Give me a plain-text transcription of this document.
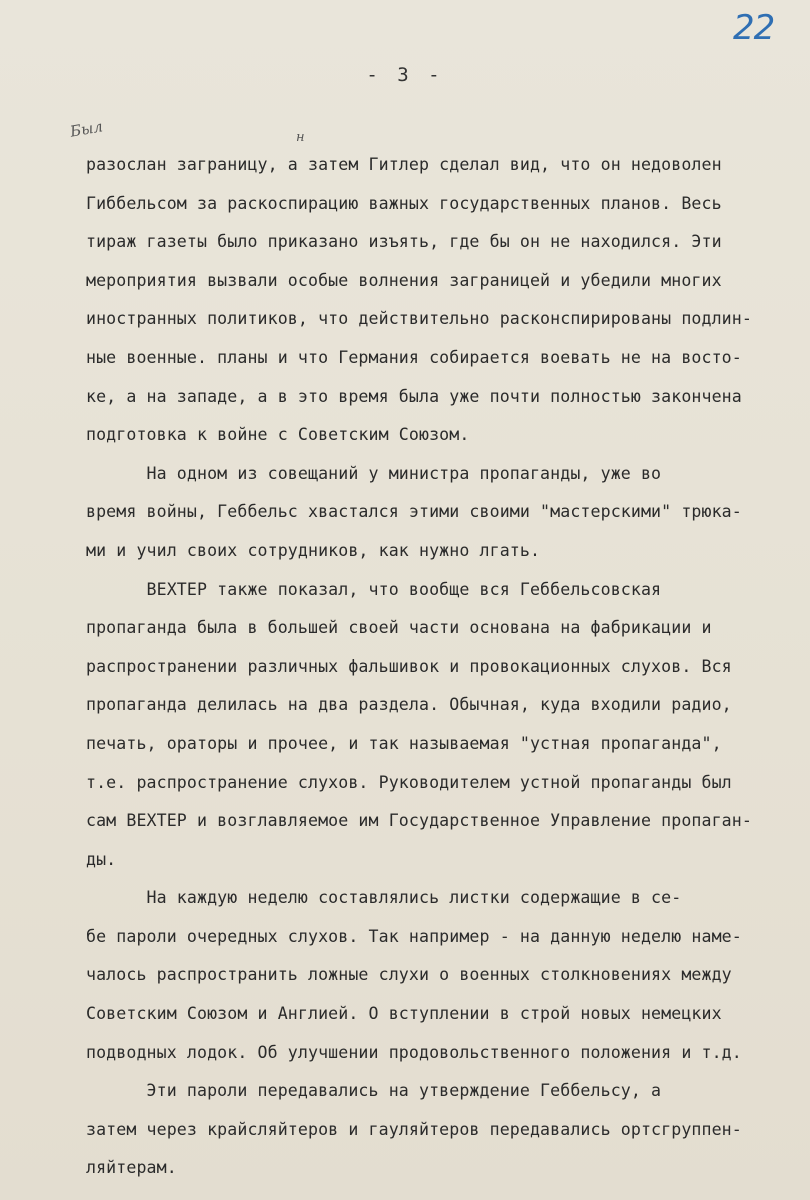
22
- 3 -
Был	н
разослан заграницу, а затем Гитлер сделал вид, что он недоволен
Гиббельсом за раскоспирацию важных государственных планов. Весь
тираж газеты было приказано изъять, где бы он не находился. Эти
мероприятия вызвали особые волнения заграницей и убедили многих
иностранных политиков, что действительно расконспирированы подлин-
ные военные. планы и что Германия собирается воевать не на восто-
ке, а на западе, а в это время была уже почти полностью закончена
подготовка к войне с Советским Союзом.
На одном из совещаний у министра пропаганды, уже во
время войны, Геббельс хвастался этими своими "мастерскими" трюка-
ми и учил своих сотрудников, как нужно лгать.
ВЕХТЕР также показал, что вообще вся Геббельсовская
пропаганда была в большей своей части основана на фабрикации и
распространении различных фальшивок и провокационных слухов. Вся
пропаганда делилась на два раздела. Обычная, куда входили радио,
печать, ораторы и прочее, и так называемая "устная пропаганда",
т.е. распространение слухов. Руководителем устной пропаганды был
сам ВЕХТЕР и возглавляемое им Государственное Управление пропаган-
ды.
На каждую неделю составлялись листки содержащие в се-
бе пароли очередных слухов. Так например - на данную неделю наме-
чалось распространить ложные слухи о военных столкновениях между
Советским Союзом и Англией. О вступлении в строй новых немецких
подводных лодок. Об улучшении продовольственного положения и т.д.
Эти пароли передавались на утверждение Геббельсу, а
затем через крайсляйтеров и гауляйтеров передавались ортсгруппен-
ляйтерам.
